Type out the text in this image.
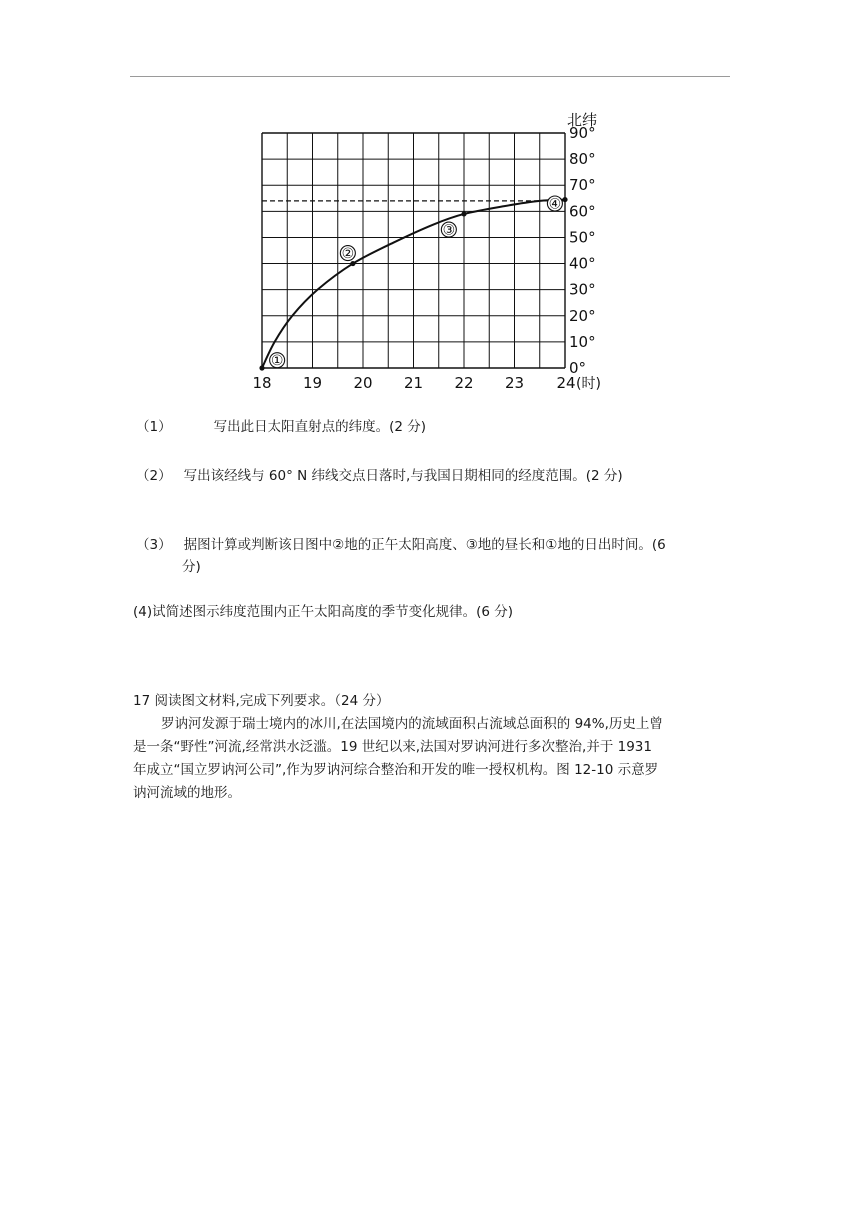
18 19 20 21 22 23 24 (时)
0°
10°
20°
30°
40°
50°
60°
70°
80°
90°
北纬
①
②
③
④
（1）	写出此日太阳直射点的纬度。(2 分)
（2） 写出该经线与 60° N 纬线交点日落时,与我国日期相同的经度范围。(2 分)
（3） 据图计算或判断该日图中②地的正午太阳高度、③地的昼长和①地的日出时间。(6
分)
(4)试简述图示纬度范围内正午太阳高度的季节变化规律。(6 分)

17 阅读图文材料,完成下列要求。（24 分）

罗讷河发源于瑞士境内的冰川,在法国境内的流域面积占流域总面积的 94%,历史上曾

是一条“野性”河流,经常洪水泛滥。19 世纪以来,法国对罗讷河进行多次整治,并于 1931

年成立“国立罗讷河公司”,作为罗讷河综合整治和开发的唯一授权机构。图 12-10 示意罗

讷河流域的地形。
